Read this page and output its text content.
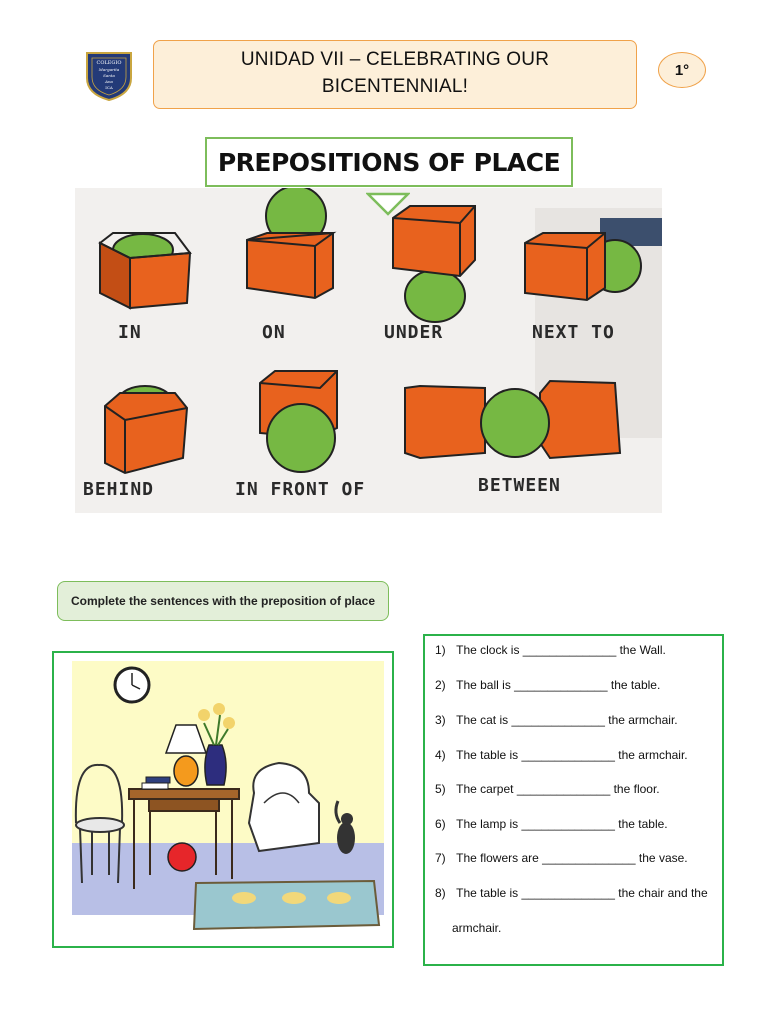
COLEGIO
Margarita
Santa
Ana
ICA
UNIDAD VII – CELEBRATING OUR
BICENTENNIAL!
1°
IN	ON	UNDER	NEXT TO
BEHIND	IN FRONT OF	BETWEEN
PREPOSITIONS OF PLACE
Complete the sentences with the preposition of place
1) The clock is ______________ the Wall.
2) The ball is ______________ the table.
3) The cat is ______________ the armchair.
4) The table is ______________ the armchair.
5) The carpet ______________ the floor.
6) The lamp is ______________ the table.
7) The flowers are ______________ the vase.
8) The table is ______________ the chair and the
armchair.
